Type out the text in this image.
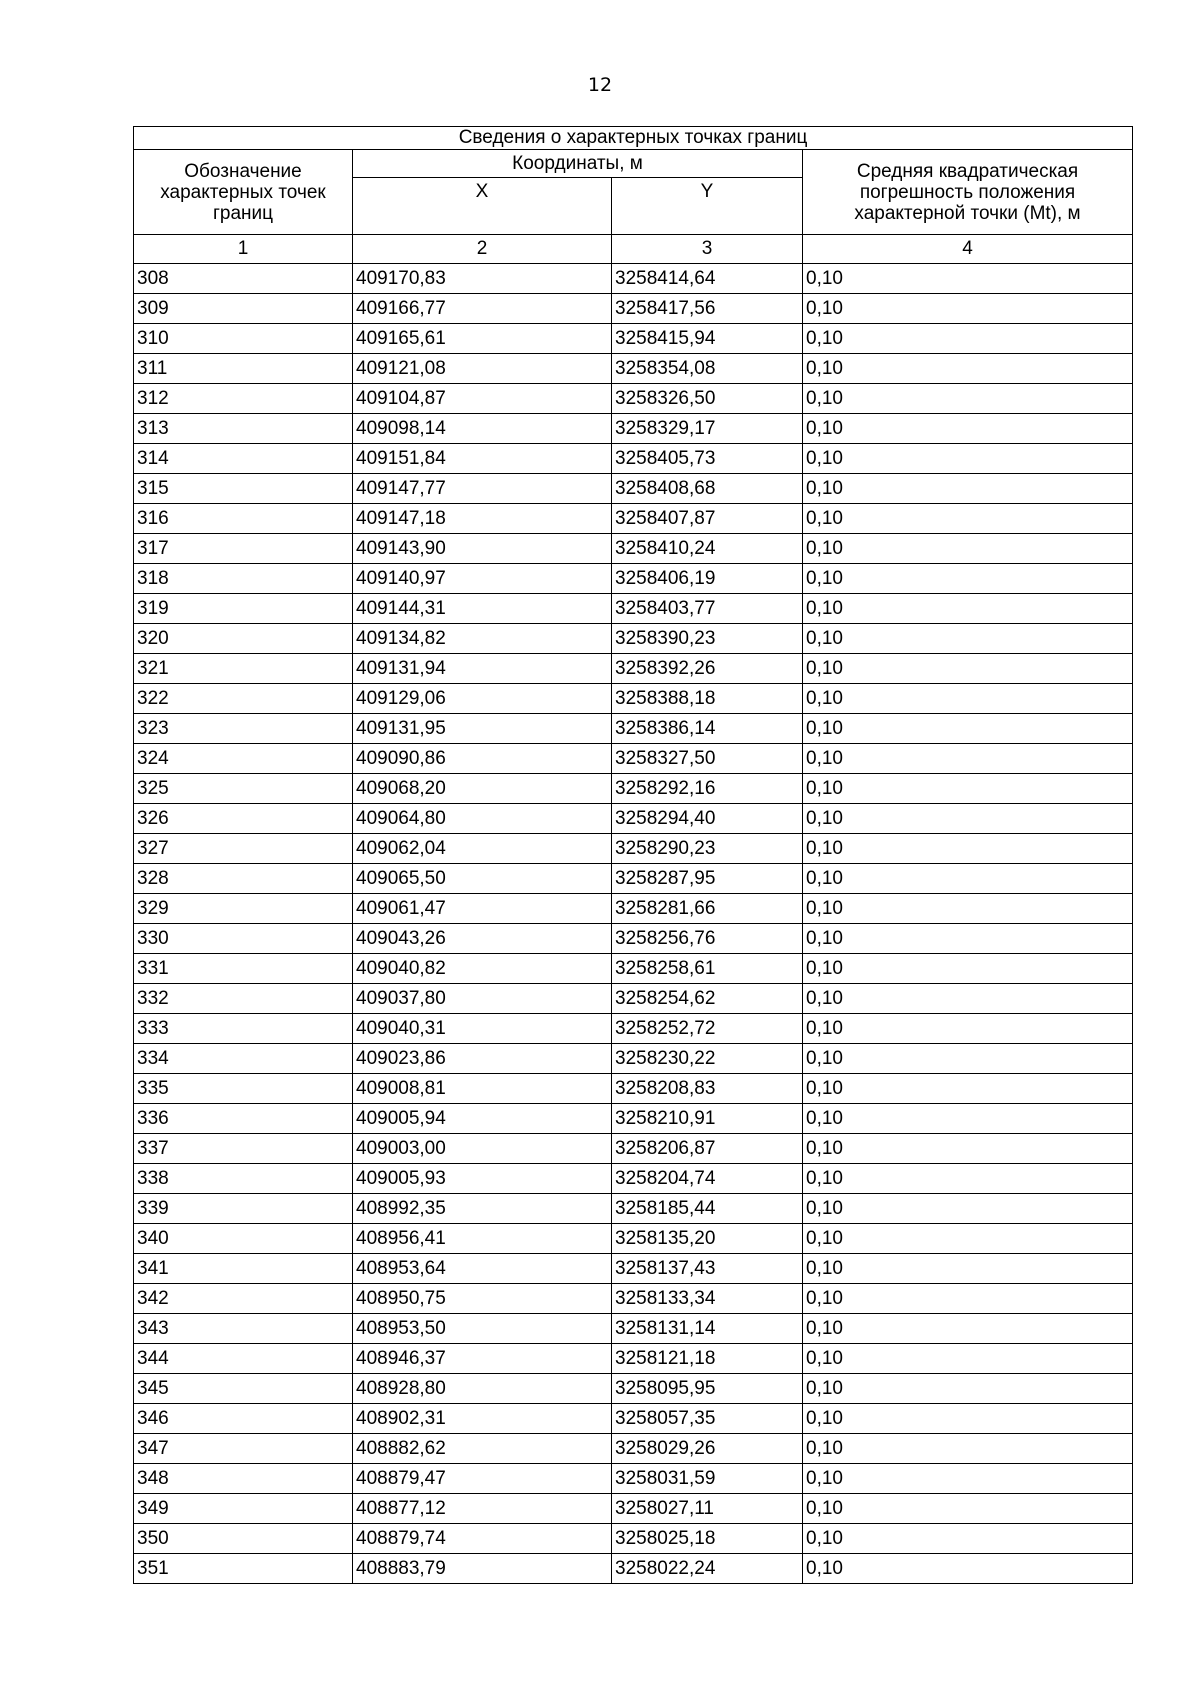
12
Сведения о характерных точках границ			
Обозначение характерных точек границ	Координаты, м		Средняя квадратическая погрешность положения характерной точки (Mt), м
	X	Y	
1	2	3	4
308	409170,83	3258414,64	0,10
309	409166,77	3258417,56	0,10
310	409165,61	3258415,94	0,10
311	409121,08	3258354,08	0,10
312	409104,87	3258326,50	0,10
313	409098,14	3258329,17	0,10
314	409151,84	3258405,73	0,10
315	409147,77	3258408,68	0,10
316	409147,18	3258407,87	0,10
317	409143,90	3258410,24	0,10
318	409140,97	3258406,19	0,10
319	409144,31	3258403,77	0,10
320	409134,82	3258390,23	0,10
321	409131,94	3258392,26	0,10
322	409129,06	3258388,18	0,10
323	409131,95	3258386,14	0,10
324	409090,86	3258327,50	0,10
325	409068,20	3258292,16	0,10
326	409064,80	3258294,40	0,10
327	409062,04	3258290,23	0,10
328	409065,50	3258287,95	0,10
329	409061,47	3258281,66	0,10
330	409043,26	3258256,76	0,10
331	409040,82	3258258,61	0,10
332	409037,80	3258254,62	0,10
333	409040,31	3258252,72	0,10
334	409023,86	3258230,22	0,10
335	409008,81	3258208,83	0,10
336	409005,94	3258210,91	0,10
337	409003,00	3258206,87	0,10
338	409005,93	3258204,74	0,10
339	408992,35	3258185,44	0,10
340	408956,41	3258135,20	0,10
341	408953,64	3258137,43	0,10
342	408950,75	3258133,34	0,10
343	408953,50	3258131,14	0,10
344	408946,37	3258121,18	0,10
345	408928,80	3258095,95	0,10
346	408902,31	3258057,35	0,10
347	408882,62	3258029,26	0,10
348	408879,47	3258031,59	0,10
349	408877,12	3258027,11	0,10
350	408879,74	3258025,18	0,10
351	408883,79	3258022,24	0,10
